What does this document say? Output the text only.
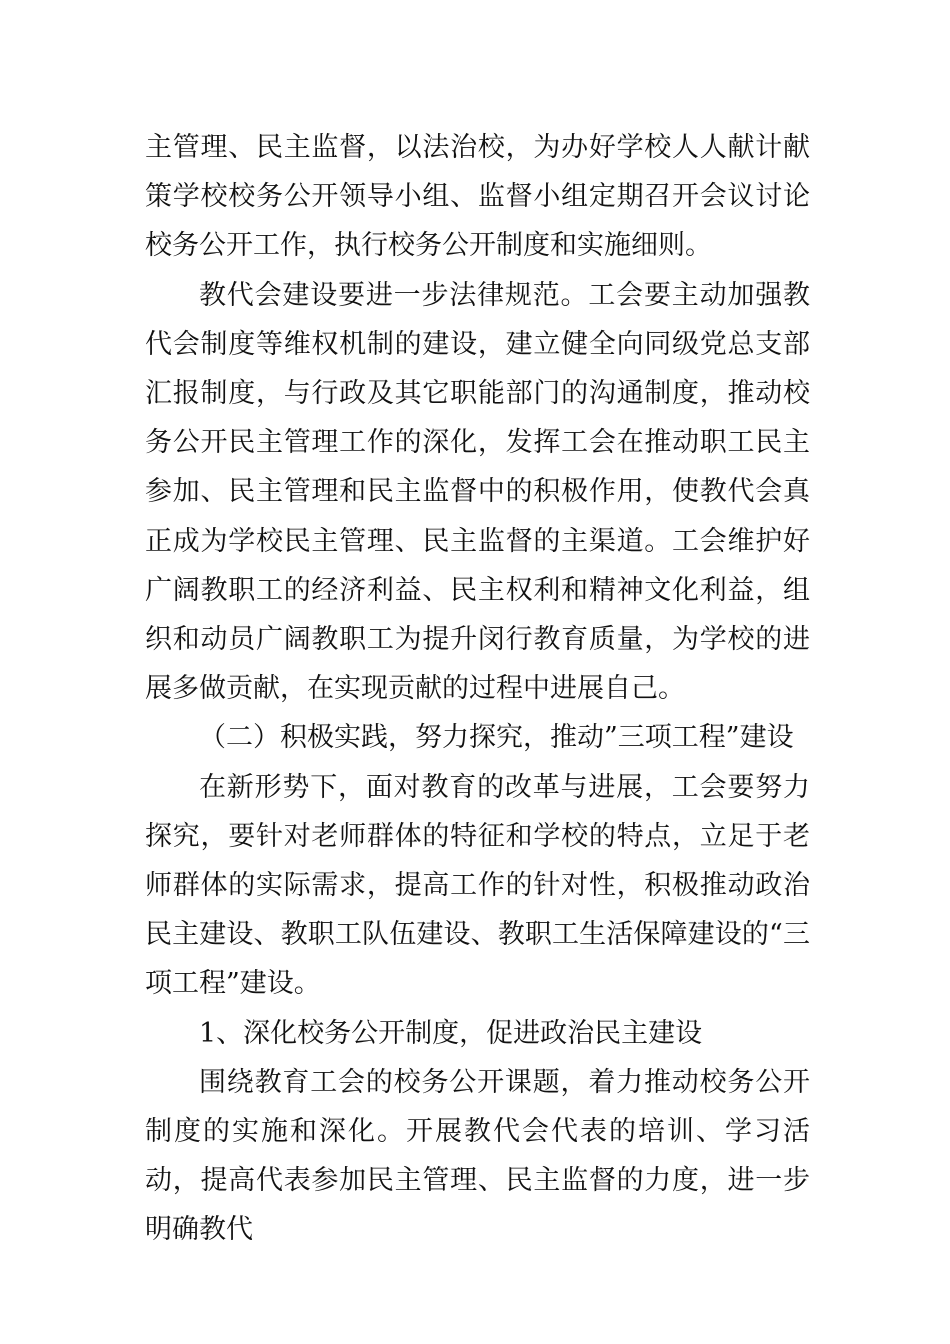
主管理、民主监督，以法治校，为办好学校人人献计献策学校校务公开领导小组、监督小组定期召开会议讨论校务公开工作，执行校务公开制度和实施细则。

教代会建设要进一步法律规范。工会要主动加强教代会制度等维权机制的建设，建立健全向同级党总支部汇报制度，与行政及其它职能部门的沟通制度，推动校务公开民主管理工作的深化，发挥工会在推动职工民主参加、民主管理和民主监督中的积极作用，使教代会真正成为学校民主管理、民主监督的主渠道。工会维护好广阔教职工的经济利益、民主权利和精神文化利益，组织和动员广阔教职工为提升闵行教育质量，为学校的进展多做贡献，在实现贡献的过程中进展自己。

（二）积极实践，努力探究，推动”三项工程”建设

在新形势下，面对教育的改革与进展，工会要努力探究，要针对老师群体的特征和学校的特点，立足于老师群体的实际需求，提高工作的针对性，积极推动政治民主建设、教职工队伍建设、教职工生活保障建设的“三项工程”建设。

1、深化校务公开制度，促进政治民主建设

围绕教育工会的校务公开课题，着力推动校务公开制度的实施和深化。开展教代会代表的培训、学习活动，提高代表参加民主管理、民主监督的力度，进一步明确教代
